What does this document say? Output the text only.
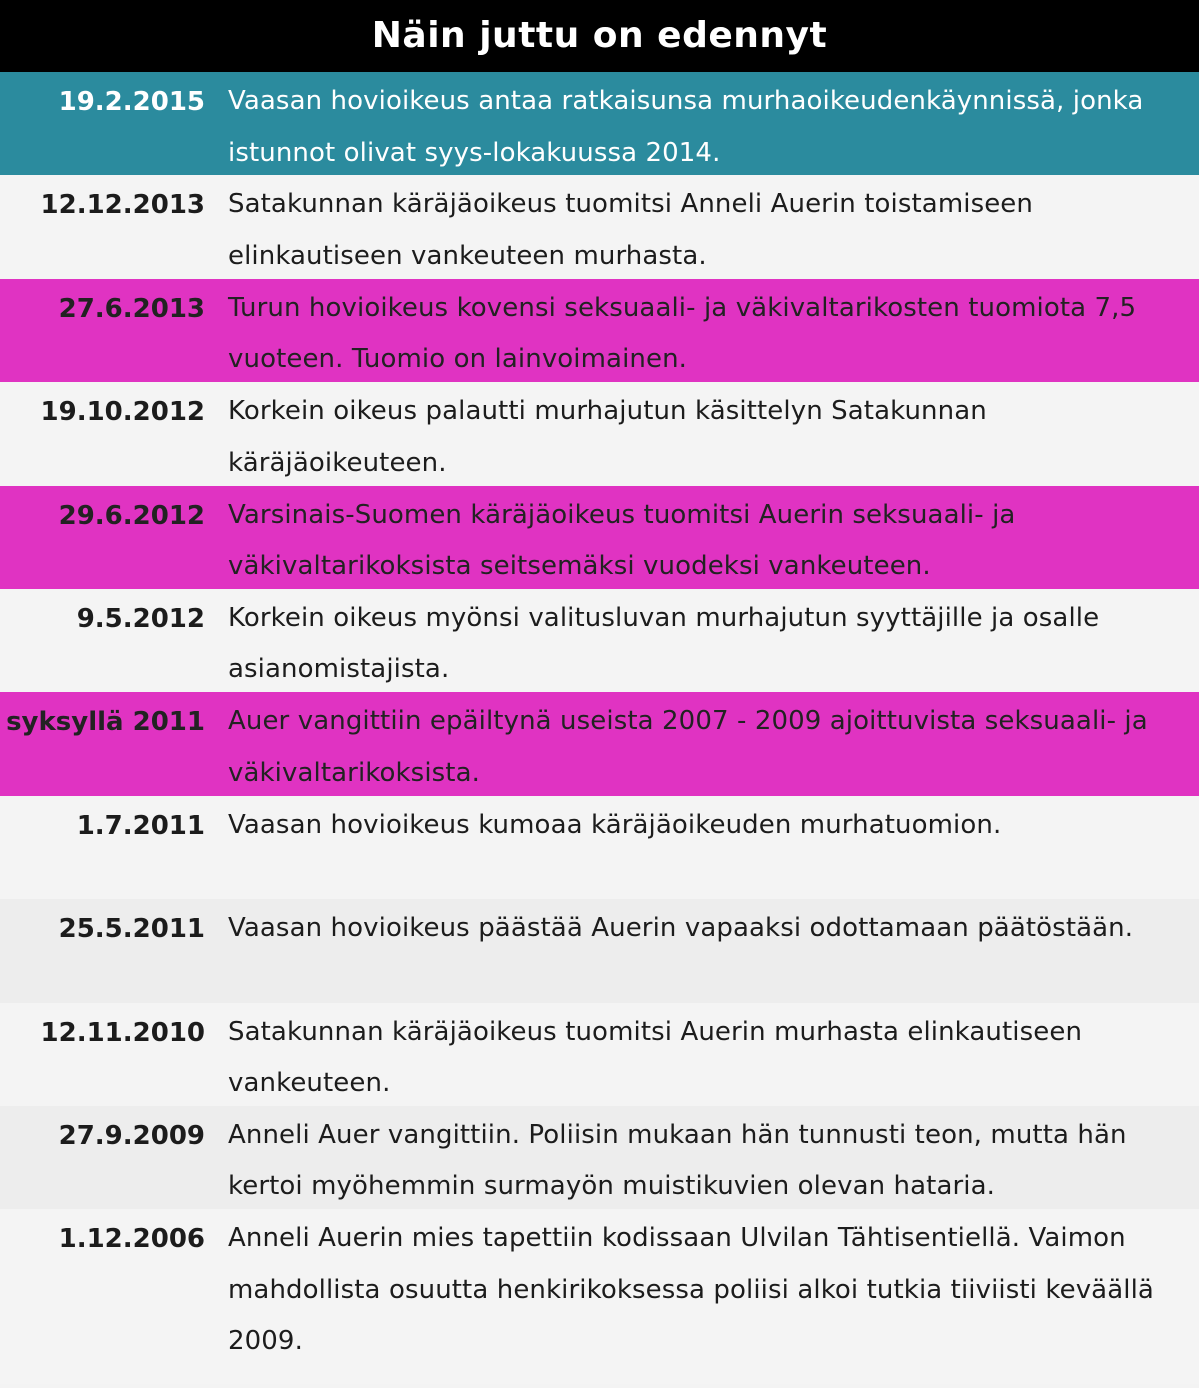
Näin juttu on edennyt
19.2.2015 Vaasan hovioikeus antaa ratkaisunsa murhaoikeudenkäynnissä, jonka istunnot olivat syys-lokakuussa 2014.
12.12.2013 Satakunnan käräjäoikeus tuomitsi Anneli Auerin toistamiseen elinkautiseen vankeuteen murhasta.
27.6.2013 Turun hovioikeus kovensi seksuaali- ja väkivaltarikosten tuomiota 7,5 vuoteen. Tuomio on lainvoimainen.
19.10.2012 Korkein oikeus palautti murhajutun käsittelyn Satakunnan käräjäoikeuteen.
29.6.2012 Varsinais-Suomen käräjäoikeus tuomitsi Auerin seksuaali- ja väkivaltarikoksista seitsemäksi vuodeksi vankeuteen.
9.5.2012 Korkein oikeus myönsi valitusluvan murhajutun syyttäjille ja osalle asianomistajista.
syksyllä 2011 Auer vangittiin epäiltynä useista 2007 - 2009 ajoittuvista seksuaali- ja väkivaltarikoksista.
1.7.2011 Vaasan hovioikeus kumoaa käräjäoikeuden murhatuomion.
25.5.2011 Vaasan hovioikeus päästää Auerin vapaaksi odottamaan päätöstään.
12.11.2010 Satakunnan käräjäoikeus tuomitsi Auerin murhasta elinkautiseen vankeuteen.
27.9.2009 Anneli Auer vangittiin. Poliisin mukaan hän tunnusti teon, mutta hän kertoi myöhemmin surmayön muistikuvien olevan hataria.
1.12.2006 Anneli Auerin mies tapettiin kodissaan Ulvilan Tähtisentiellä. Vaimon mahdollista osuutta henkirikoksessa poliisi alkoi tutkia tiiviisti keväällä 2009.
